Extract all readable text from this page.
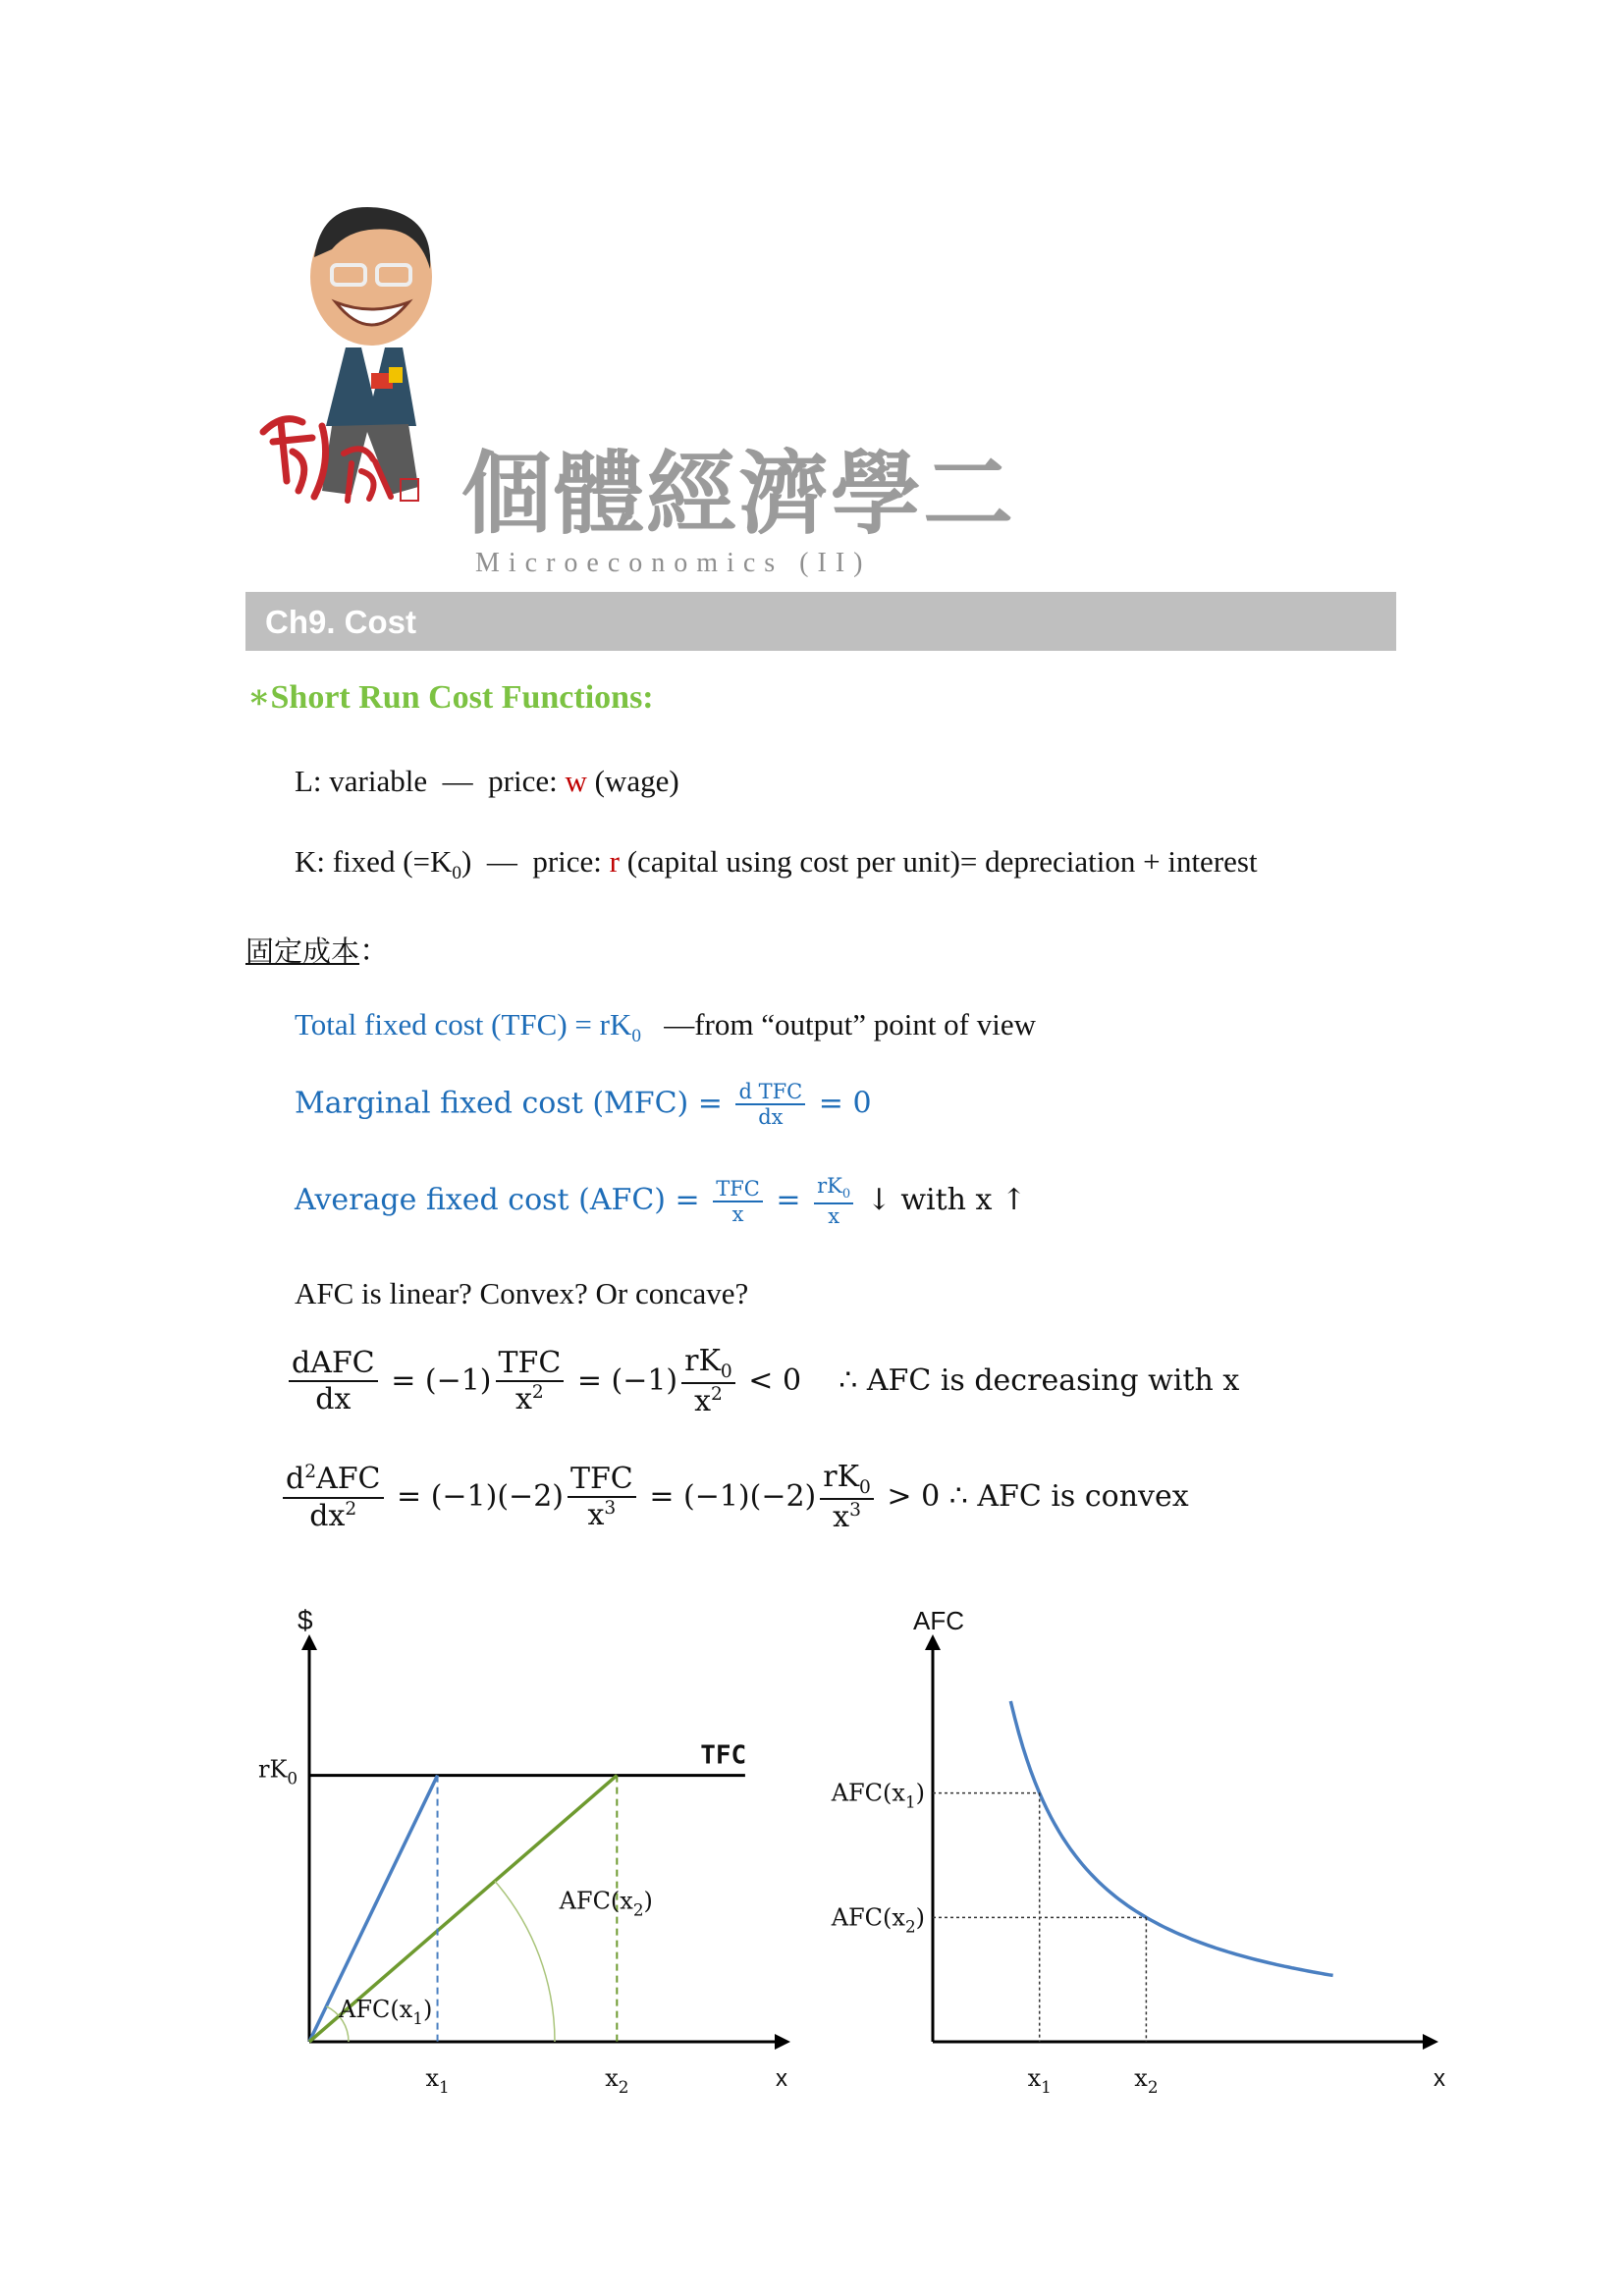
個體經濟學二
Microeconomics (II)
Ch9. Cost
∗Short Run Cost Functions:
L: variable — price: w (wage)
K: fixed $(=K_0)$ — price: r (capital using cost per unit)= depreciation + interest
固定成本：
Total fixed cost $(TFC) = rK_0$ —from “output” point of view
Marginal fixed cost $(MFC) = \frac{\text{d TFC}}{dx} = 0$
Average fixed cost $(AFC) = \frac{\text{TFC}}{x} = \frac{rK_0}{x}$ ↓ with x ↑
AFC is linear? Convex? Or concave?
$\frac{\text{dAFC}}{dx} = (-1) \frac{\text{TFC}}{x^2} = (-1) \frac{rK_0}{x^2} < 0$ ∴ AFC is decreasing with x
$\frac{d^2AFC}{dx^2} = (-1)(-2) \frac{\text{TFC}}{x^3} = (-1)(-2) \frac{rK_0}{x^3} > 0$ ∴ AFC is convex
$
x
$rK_0$
TFC
$x_1$	$x_2$
$AFC(x_1)$
$AFC(x_2)$
AFC
x
$AFC(x_1)$
$x_1$
$AFC(x_2)$
$x_2$
